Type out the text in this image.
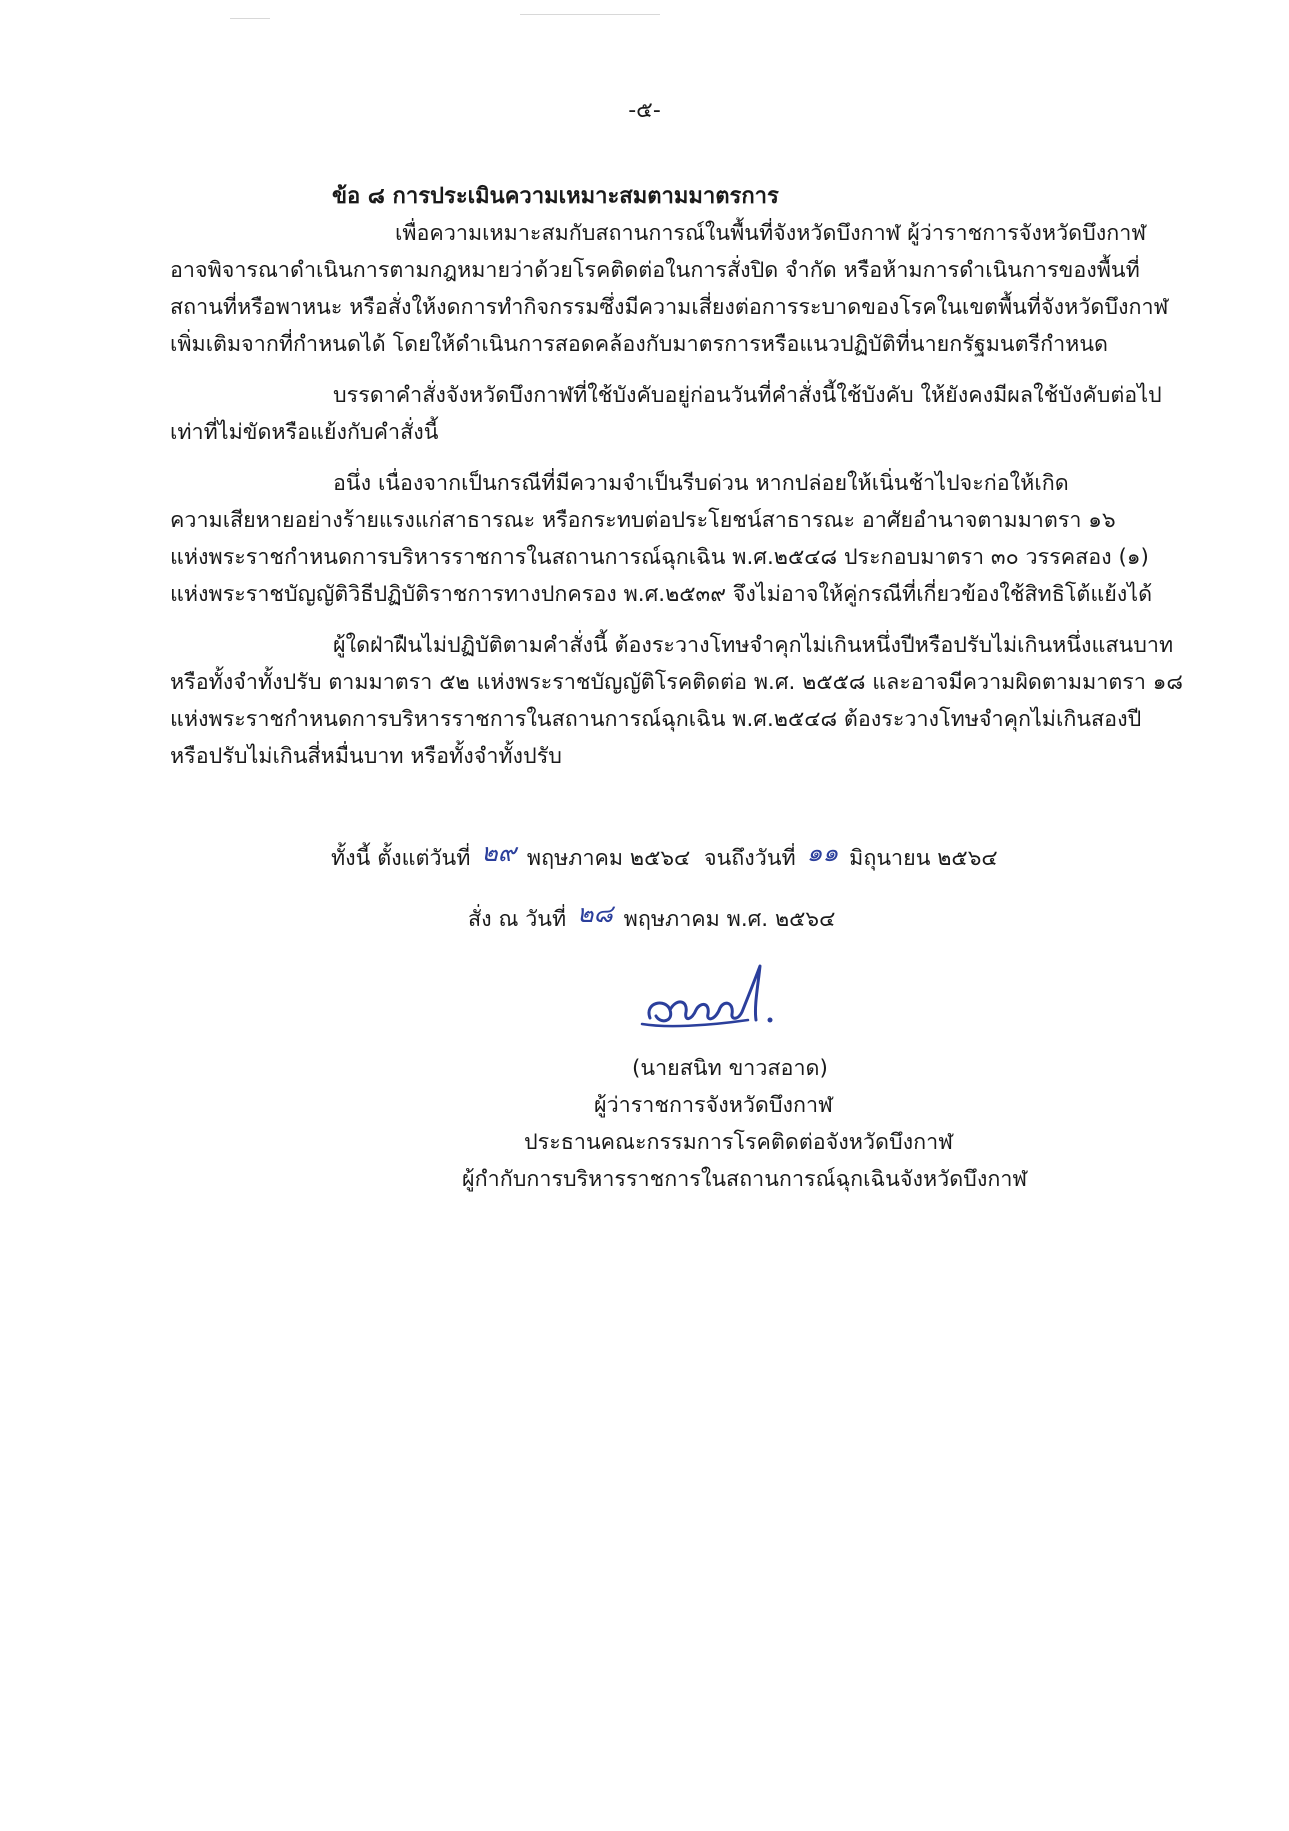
-๕-
ข้อ ๘ การประเมินความเหมาะสมตามมาตรการ
เพื่อความเหมาะสมกับสถานการณ์ในพื้นที่จังหวัดบึงกาฬ ผู้ว่าราชการจังหวัดบึงกาฬ
อาจพิจารณาดำเนินการตามกฎหมายว่าด้วยโรคติดต่อในการสั่งปิด จำกัด หรือห้ามการดำเนินการของพื้นที่
สถานที่หรือพาหนะ หรือสั่งให้งดการทำกิจกรรมซึ่งมีความเสี่ยงต่อการระบาดของโรคในเขตพื้นที่จังหวัดบึงกาฬ
เพิ่มเติมจากที่กำหนดได้ โดยให้ดำเนินการสอดคล้องกับมาตรการหรือแนวปฏิบัติที่นายกรัฐมนตรีกำหนด
บรรดาคำสั่งจังหวัดบึงกาฬที่ใช้บังคับอยู่ก่อนวันที่คำสั่งนี้ใช้บังคับ ให้ยังคงมีผลใช้บังคับต่อไป
เท่าที่ไม่ขัดหรือแย้งกับคำสั่งนี้
อนึ่ง เนื่องจากเป็นกรณีที่มีความจำเป็นรีบด่วน หากปล่อยให้เนิ่นช้าไปจะก่อให้เกิด
ความเสียหายอย่างร้ายแรงแก่สาธารณะ หรือกระทบต่อประโยชน์สาธารณะ อาศัยอำนาจตามมาตรา ๑๖
แห่งพระราชกำหนดการบริหารราชการในสถานการณ์ฉุกเฉิน พ.ศ.๒๕๔๘ ประกอบมาตรา ๓๐ วรรคสอง (๑)
แห่งพระราชบัญญัติวิธีปฏิบัติราชการทางปกครอง พ.ศ.๒๕๓๙ จึงไม่อาจให้คู่กรณีที่เกี่ยวข้องใช้สิทธิโต้แย้งได้
ผู้ใดฝ่าฝืนไม่ปฏิบัติตามคำสั่งนี้ ต้องระวางโทษจำคุกไม่เกินหนึ่งปีหรือปรับไม่เกินหนึ่งแสนบาท
หรือทั้งจำทั้งปรับ ตามมาตรา ๕๒ แห่งพระราชบัญญัติโรคติดต่อ พ.ศ. ๒๕๕๘ และอาจมีความผิดตามมาตรา ๑๘
แห่งพระราชกำหนดการบริหารราชการในสถานการณ์ฉุกเฉิน พ.ศ.๒๕๔๘ ต้องระวางโทษจำคุกไม่เกินสองปี
หรือปรับไม่เกินสี่หมื่นบาท หรือทั้งจำทั้งปรับ
ทั้งนี้ ตั้งแต่วันที่ ๒๙ พฤษภาคม ๒๕๖๔ จนถึงวันที่ ๑๑ มิถุนายน ๒๕๖๔
สั่ง ณ วันที่ ๒๘ พฤษภาคม พ.ศ. ๒๕๖๔
(นายสนิท ขาวสอาด)
ผู้ว่าราชการจังหวัดบึงกาฬ
ประธานคณะกรรมการโรคติดต่อจังหวัดบึงกาฬ
ผู้กำกับการบริหารราชการในสถานการณ์ฉุกเฉินจังหวัดบึงกาฬ
